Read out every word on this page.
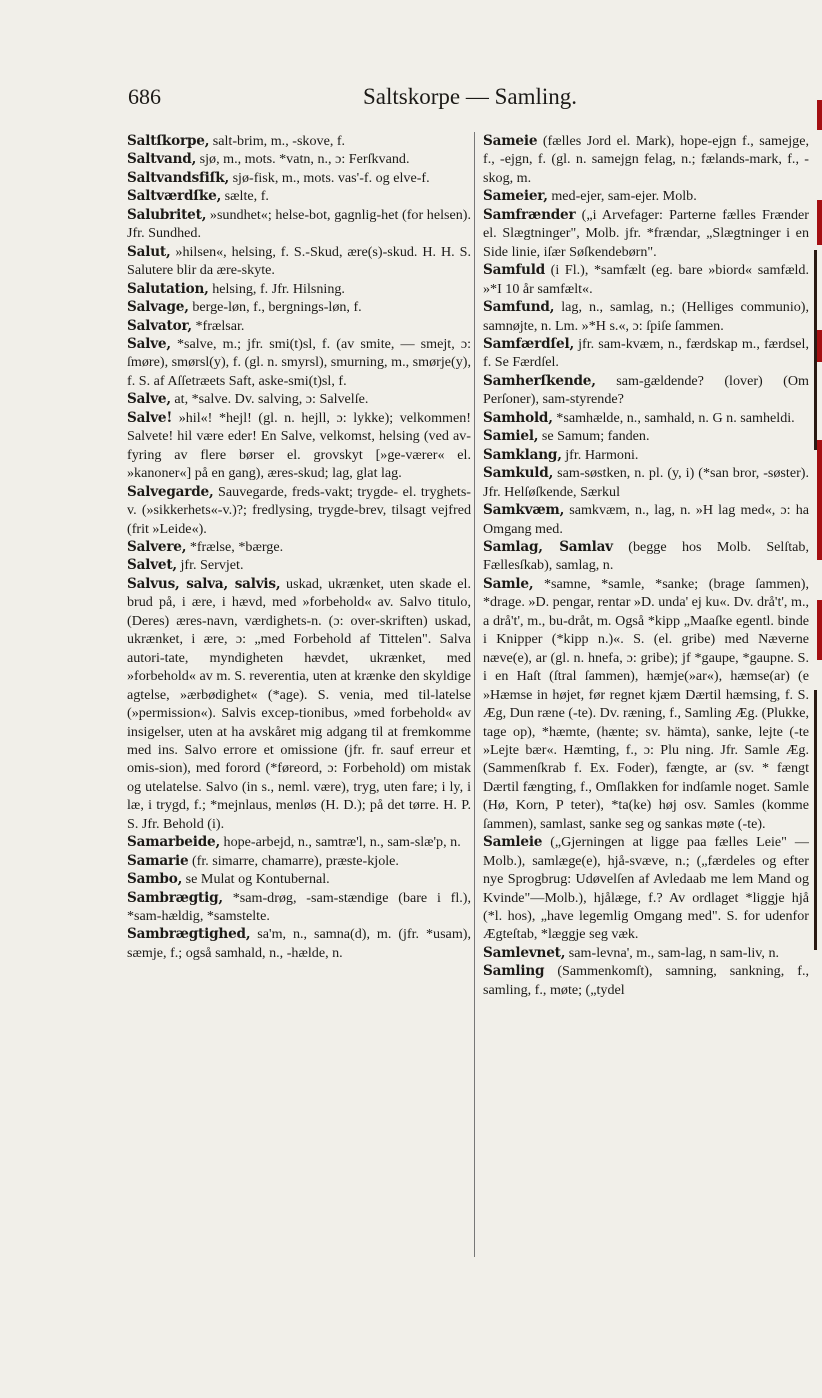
686	Saltskorpe — Samling.

Saltſkorpe, salt-brim, m., -skove, f.

Saltvand, sjø, m., mots. *vatn, n., ɔ: Ferſkvand.

Saltvandsfiſk, sjø-fisk, m., mots. vas'-f. og elve-f.

Saltværdſke, sælte, f.

Salubritet, »sundhet«; helse-bot, gagnlig-het (for helsen). Jfr. Sundhed.

Salut, »hilsen«, helsing, f. S.-Skud, ære(s)-skud. H. H. S. Salutere blir da ære-skyte.

Salutation, helsing, f. Jfr. Hilsning.

Salvage, berge-løn, f., bergnings-løn, f.

Salvator, *frælsar.

Salve, *salve, m.; jfr. smi(t)sl, f. (av smite, — smejt, ɔ: ſmøre), smørsl(y), f. (gl. n. smyrsl), smurning, m., smørje(y), f. S. af Aſſetræets Saft, aske-smi(t)sl, f.

Salve, at, *salve. Dv. salving, ɔ: Salvelſe.

Salve! »hil«! *hejl! (gl. n. hejll, ɔ: lykke); velkommen! Salvete! hil være eder! En Salve, velkomst, helsing (ved av-fyring av flere børser el. grovskyt [»ge-værer« el. »kanoner«] på en gang), æres-skud; lag, glat lag.

Salvegarde, Sauvegarde, freds-vakt; trygde- el. tryghets-v. (»sikkerhets«-v.)?; fredlysing, trygde-brev, tilsagt vejfred (frit »Leide«).

Salvere, *frælse, *bærge.

Salvet, jfr. Servjet.

Salvus, salva, salvis, uskad, ukrænket, uten skade el. brud på, i ære, i hævd, med »forbehold« av. Salvo titulo, (Deres) æres-navn, værdighets-n. (ɔ: over-skriften) uskad, ukrænket, i ære, ɔ: „med Forbehold af Tittelen". Salva autori-tate, myndigheten hævdet, ukrænket, med »forbehold« av m. S. reverentia, uten at krænke den skyldige agtelse, »ærbødighet« (*age). S. venia, med til-latelse (»permission«). Salvis excep-tionibus, »med forbehold« av insigelser, uten at ha avskåret mig adgang til at fremkomme med ins. Salvo errore et omissione (jfr. fr. sauf erreur et omis-sion), med forord (*føreord, ɔ: Forbehold) om mistak og utelatelse. Salvo (in s., neml. være), tryg, uten fare; i ly, i læ, i trygd, f.; *mejnlaus, menløs (H. D.); på det tørre. H. P. S. Jfr. Behold (i).

Samarbeide, hope-arbejd, n., samtræ'l, n., sam-slæ'p, n.

Samarie (fr. simarre, chamarre), præste-kjole.

Sambo, se Mulat og Kontubernal.

Sambrægtig, *sam-drøg, -sam-stændige (bare i fl.), *sam-hældig, *samstelte.

Sambrægtighed, sa'm, n., samna(d), m. (jfr. *usam), sæmje, f.; også samhald, n., -hælde, n.

Sameie (fælles Jord el. Mark), hope-ejgn f., samejge, f., -ejgn, f. (gl. n. samejgn felag, n.; fælands-mark, f., -skog, m.

Sameier, med-ejer, sam-ejer. Molb.

Samfrænder („i Arvefager: Parterne fælles Frænder el. Slægtninger", Molb. jfr. *frændar, „Slægtninger i en Side linie, iſær Søſkendebørn".

Samfuld (i Fl.), *samfælt (eg. bare »biord« samfæld. »*I 10 år samfælt«.

Samfund, lag, n., samlag, n.; (Helliges communio), samnøjte, n. Lm. »*H s.«, ɔ: ſpiſe ſammen.

Samfærdſel, jfr. sam-kvæm, n., færdskap m., færdsel, f. Se Færdſel.

Samherſkende, sam-gældende? (lover) (Om Perſoner), sam-styrende?

Samhold, *samhælde, n., samhald, n. G n. samheldi.

Samiel, se Samum; fanden.

Samklang, jfr. Harmoni.

Samkuld, sam-søstken, n. pl. (y, i) (*san bror, -søster). Jfr. Helſøſkende, Særkul

Samkvæm, samkvæm, n., lag, n. »H lag med«, ɔ: ha Omgang med.

Samlag, Samlav (begge hos Molb. Selſtab, Fællesſkab), samlag, n.

Samle, *samne, *samle, *sanke; (brage ſammen), *drage. »D. pengar, rentar »D. unda' ej ku«. Dv. drå't', m., a drå't', m., bu-dråt, m. Også *kipp „Maaſke egentl. binde i Knipper (*kipp n.)«. S. (el. gribe) med Næverne næve(e), ar (gl. n. hnefa, ɔ: gribe); jf *gaupe, *gaupne. S. i en Haſt (ſtral ſammen), hæmje(»ar«), hæmse(ar) (e »Hæmse in højet, før regnet kjæm Dærtil hæmsing, f. S. Æg, Dun ræne (-te). Dv. ræning, f., Samling Æg. (Plukke, tage op), *hæmte, (hænte; sv. hämta), sanke, lejte (-te »Lejte bær«. Hæmting, f., ɔ: Plu ning. Jfr. Samle Æg. (Sammenſkrab f. Ex. Foder), fængte, ar (sv. * fængt Dærtil fængting, f., Omſlakken for indſamle noget. Samle (Hø, Korn, P teter), *ta(ke) høj osv. Samles (komme ſammen), samlast, sanke seg og sankas møte (-te).

Samleie („Gjerningen at ligge paa fælles Leie" — Molb.), samlæge(e), hjå-svæve, n.; („færdeles og efter nye Sprogbrug: Udøvelſen af Avledaab me lem Mand og Kvinde"—Molb.), hjålæge, f.? Av ordlaget *liggje hjå (*l. hos), „have legemlig Omgang med". S. for udenfor Ægteſtab, *læggje seg væk.

Samlevnet, sam-levna', m., sam-lag, n sam-liv, n.

Samling (Sammenkomſt), samning, sankning, f., samling, f., møte; („tydel
